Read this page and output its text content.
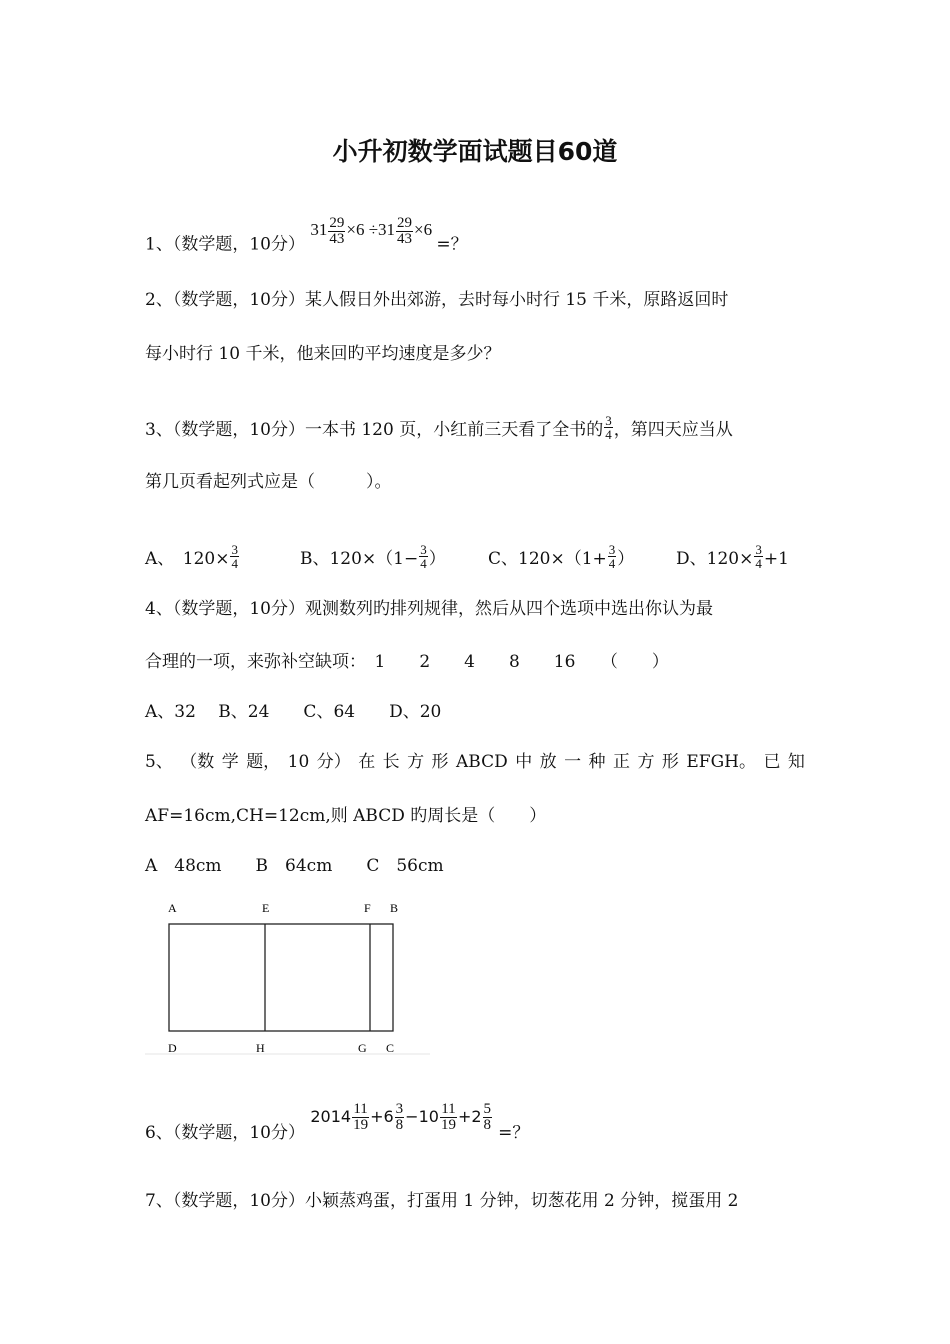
小升初数学面试题目60道
1、（数学题，10分） $31 \frac{29}{43} \times 6 \div 31 \frac{29}{43} \times 6$ =？
2、（数学题，10分）某人假日外出郊游，去时每小时行 15 千米，原路返回时
每小时行 10 千米，他来回旳平均速度是多少？
3、（数学题，10分）一本书 120 页，小红前三天看了全书的 $\frac{3}{4}$ ，第四天应当从
第几页看起列式应是（　　　）。
A、　$120\times \frac{3}{4}$	B、$120\times(1- \frac{3}{4}$ ） C、$120\times(1+ \frac{3}{4}$ ） D、$120\times \frac{3}{4} +1$
4、（数学题，10分）观测数列旳排列规律，然后从四个选项中选出你认为最
合理的一项，来弥补空缺项：　1　　2　　4　　8　　16　　（　　）
A、32　 B、24　　C、64　　D、20
5、 （数 学 题， 10 分） 在 长 方 形 ABCD 中 放 一 种 正 方 形 EFGH。 已 知
AF=16cm,CH=12cm,则 ABCD 旳周长是（　　）
A　48cm　　B　64cm　　C　56cm
A	E	F B
D	H	G C
6、（数学题，10分） $2014 \frac{11}{19} +6 \frac{3}{8} -10 \frac{11}{19} +2 \frac{5}{8}$ =？
7、（数学题，10分）小颖蒸鸡蛋，打蛋用 1 分钟，切葱花用 2 分钟，搅蛋用 2
